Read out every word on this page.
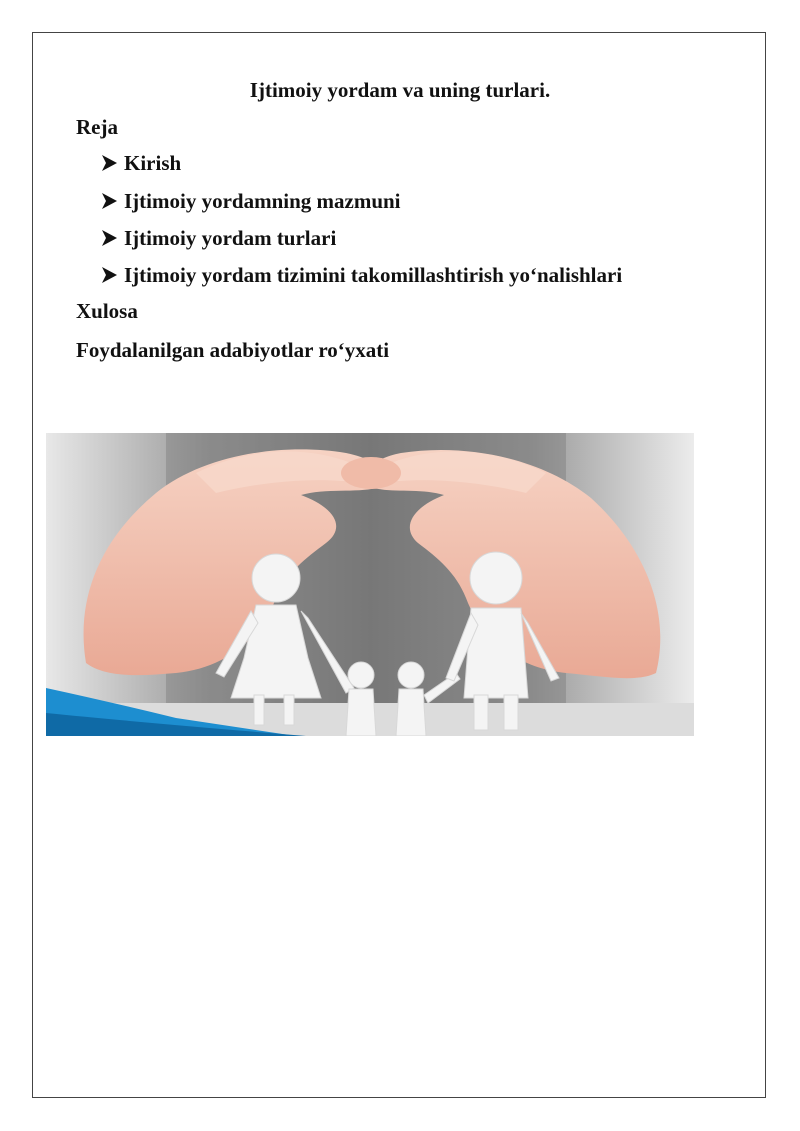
Ijtimoiy yordam va uning turlari.
Reja
Kirish
Ijtimoiy yordamning mazmuni
Ijtimoiy yordam turlari
Ijtimoiy yordam tizimini takomillashtirish yo‘nalishlari
Xulosa
Foydalanilgan adabiyotlar ro‘yxati
